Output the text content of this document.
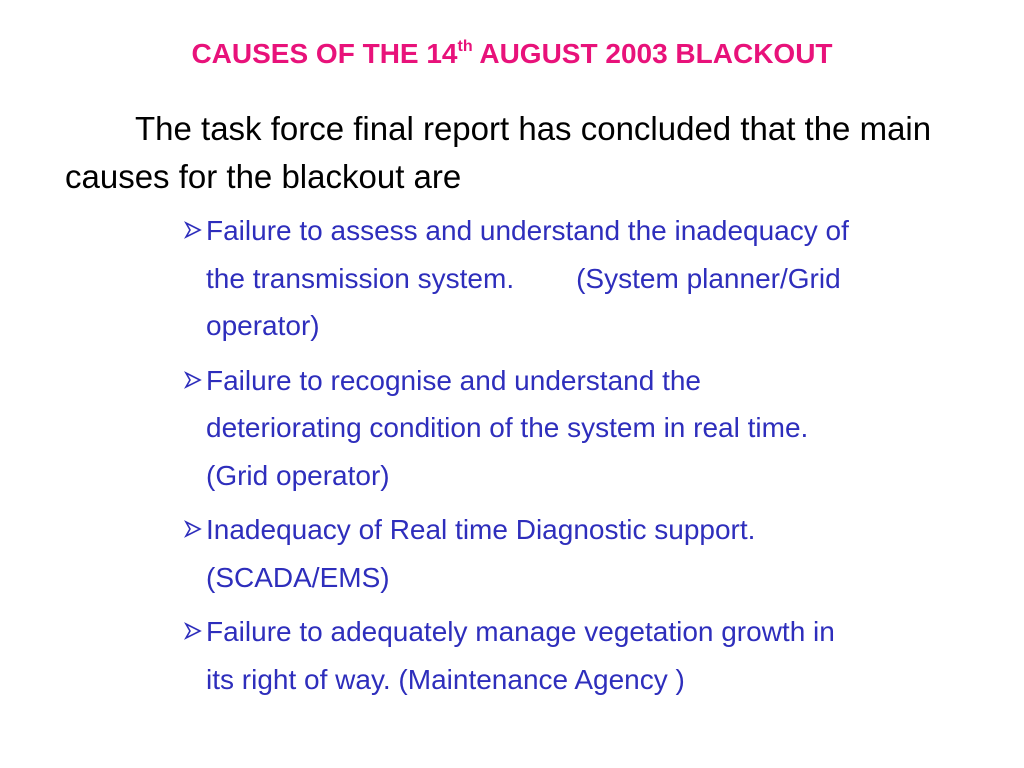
CAUSES OF THE 14th AUGUST 2003 BLACKOUT
The task force final report has concluded that the main causes for the blackout are
Failure to assess and understand the inadequacy of
the transmission system. (System planner/Grid
operator)
Failure to recognise and understand the
deteriorating condition of the system in real time.
(Grid operator)
Inadequacy of Real time Diagnostic support.
(SCADA/EMS)
Failure to adequately manage vegetation growth in
its right of way. (Maintenance Agency )
